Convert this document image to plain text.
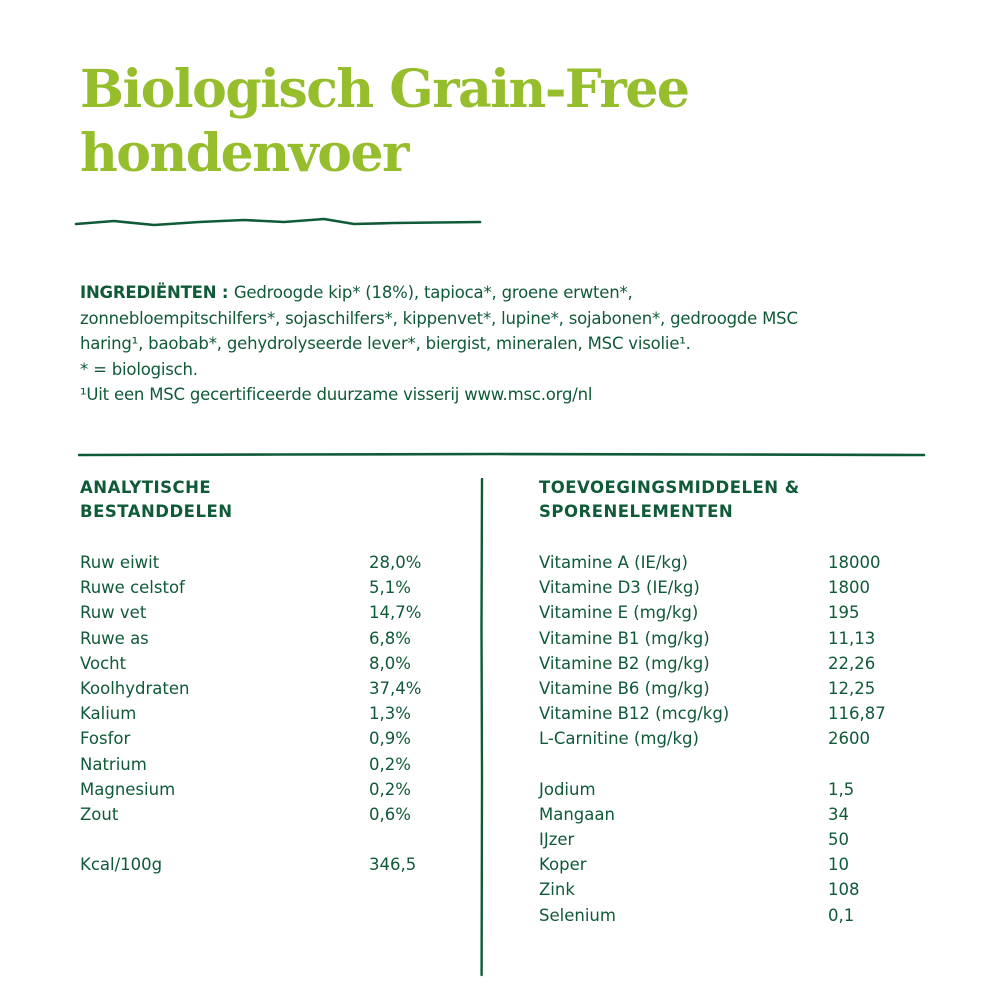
Biologisch Grain-Free
hondenvoer
INGREDIËNTEN : Gedroogde kip* (18%), tapioca*, groene erwten*,
zonnebloempitschilfers*, sojaschilfers*, kippenvet*, lupine*, sojabonen*, gedroogde MSC
haring¹, baobab*, gehydrolyseerde lever*, biergist, mineralen, MSC visolie¹.
* = biologisch.
¹Uit een MSC gecertificeerde duurzame visserij www.msc.org/nl
ANALYTISCHE
BESTANDDELEN
TOEVOEGINGSMIDDELEN &
SPORENELEMENTEN
Ruw eiwit	28,0%
Ruwe celstof	5,1%
Ruw vet	14,7%
Ruwe as	6,8%
Vocht	8,0%
Koolhydraten	37,4%
Kalium	1,3%
Fosfor	0,9%
Natrium	0,2%
Magnesium	0,2%
Zout	0,6%
Kcal/100g	346,5
Vitamine A (IE/kg)	18000
Vitamine D3 (IE/kg)	1800
Vitamine E (mg/kg)	195
Vitamine B1 (mg/kg)	11,13
Vitamine B2 (mg/kg)	22,26
Vitamine B6 (mg/kg)	12,25
Vitamine B12 (mcg/kg)	116,87
L-Carnitine (mg/kg)	2600
Jodium	1,5
Mangaan	34
IJzer	50
Koper	10
Zink	108
Selenium	0,1
